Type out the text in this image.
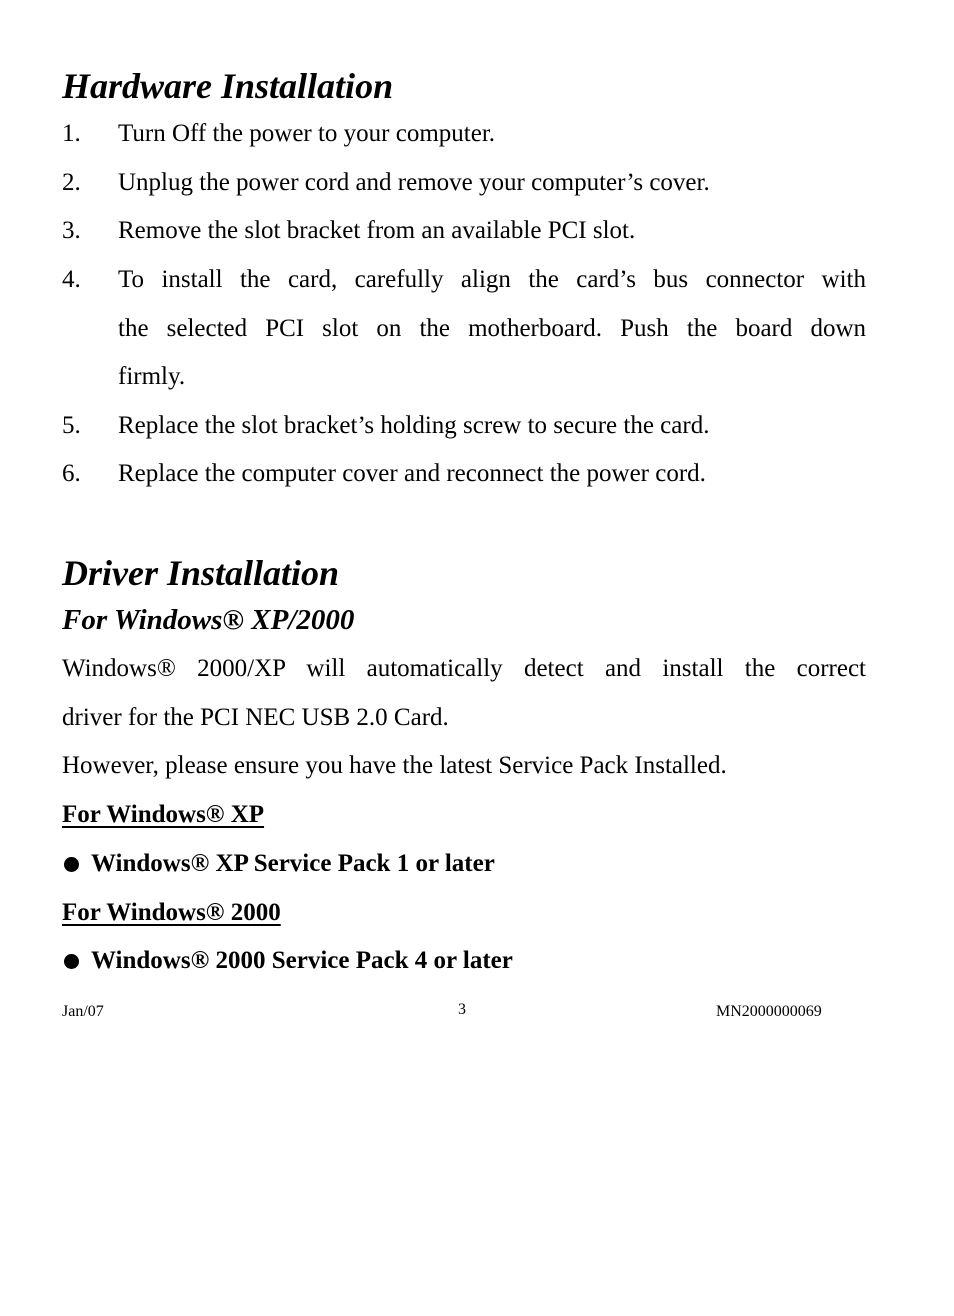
Hardware Installation
1. Turn Off the power to your computer.
2. Unplug the power cord and remove your computer’s cover.
3. Remove the slot bracket from an available PCI slot.
4. To install the card, carefully align the card’s bus connector with
the selected PCI slot on the motherboard. Push the board down
firmly.
5. Replace the slot bracket’s holding screw to secure the card.
6. Replace the computer cover and reconnect the power cord.
Driver Installation
For Windows® XP/2000
Windows® 2000/XP will automatically detect and install the correct
driver for the PCI NEC USB 2.0 Card.
However, please ensure you have the latest Service Pack Installed.
For Windows® XP
Windows® XP Service Pack 1 or later
For Windows® 2000
Windows® 2000 Service Pack 4 or later
Jan/07	3	MN2000000069
